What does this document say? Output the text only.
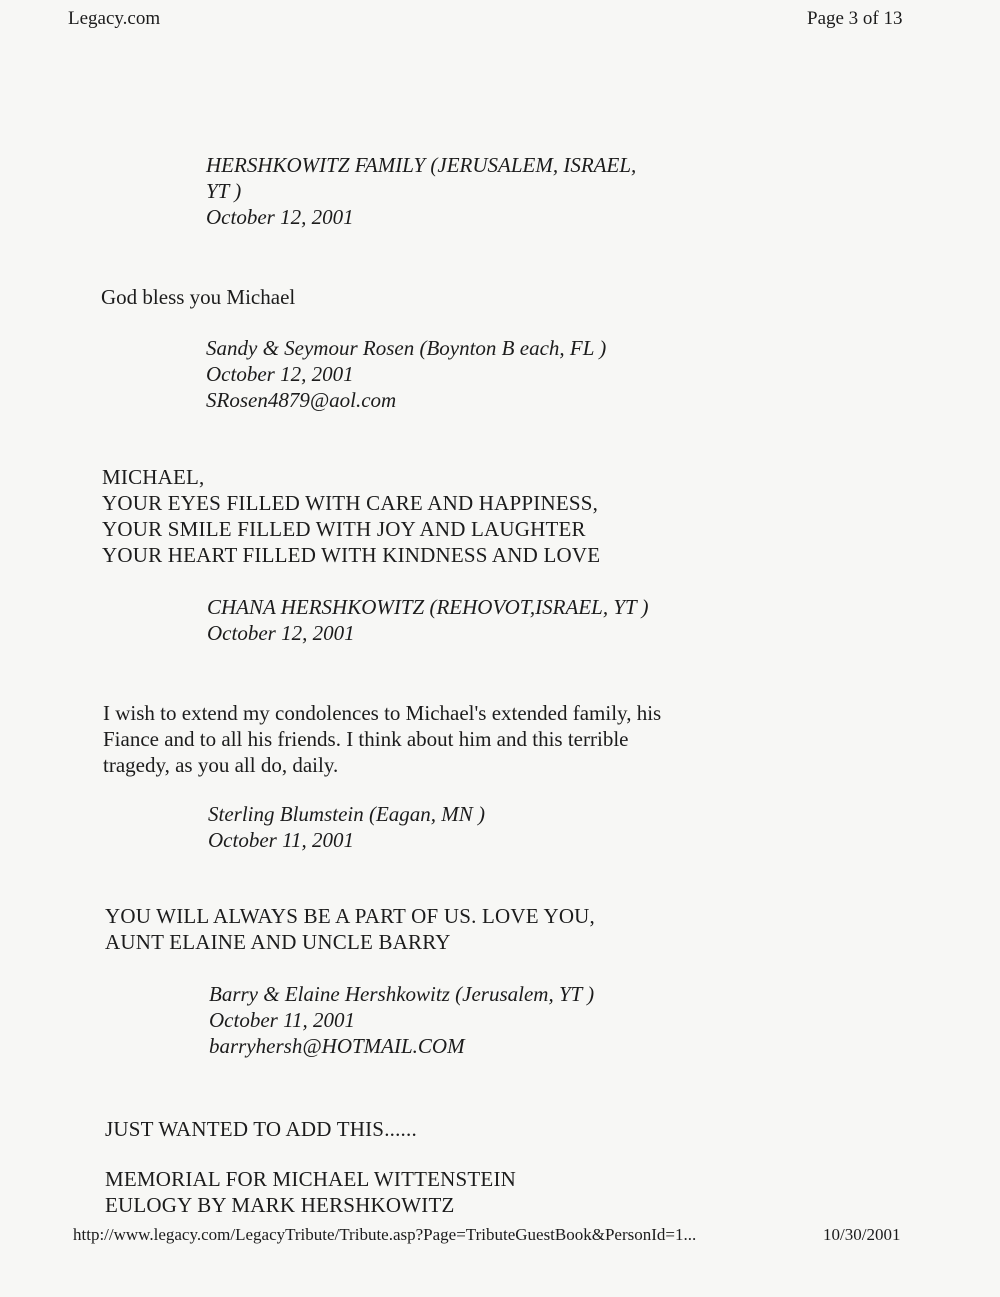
Legacy.com	Page 3 of 13
HERSHKOWITZ FAMILY (JERUSALEM, ISRAEL,
YT )
October 12, 2001
God bless you Michael
Sandy & Seymour Rosen (Boynton B each, FL )
October 12, 2001
SRosen4879@aol.com
MICHAEL,
YOUR EYES FILLED WITH CARE AND HAPPINESS,
YOUR SMILE FILLED WITH JOY AND LAUGHTER
YOUR HEART FILLED WITH KINDNESS AND LOVE
CHANA HERSHKOWITZ (REHOVOT,ISRAEL, YT )
October 12, 2001
I wish to extend my condolences to Michael's extended family, his
Fiance and to all his friends. I think about him and this terrible
tragedy, as you all do, daily.
Sterling Blumstein (Eagan, MN )
October 11, 2001
YOU WILL ALWAYS BE A PART OF US. LOVE YOU,
AUNT ELAINE AND UNCLE BARRY
Barry & Elaine Hershkowitz (Jerusalem, YT )
October 11, 2001
barryhersh@HOTMAIL.COM
JUST WANTED TO ADD THIS......
MEMORIAL FOR MICHAEL WITTENSTEIN
EULOGY BY MARK HERSHKOWITZ
http://www.legacy.com/LegacyTribute/Tribute.asp?Page=TributeGuestBook&PersonId=1...	10/30/2001
